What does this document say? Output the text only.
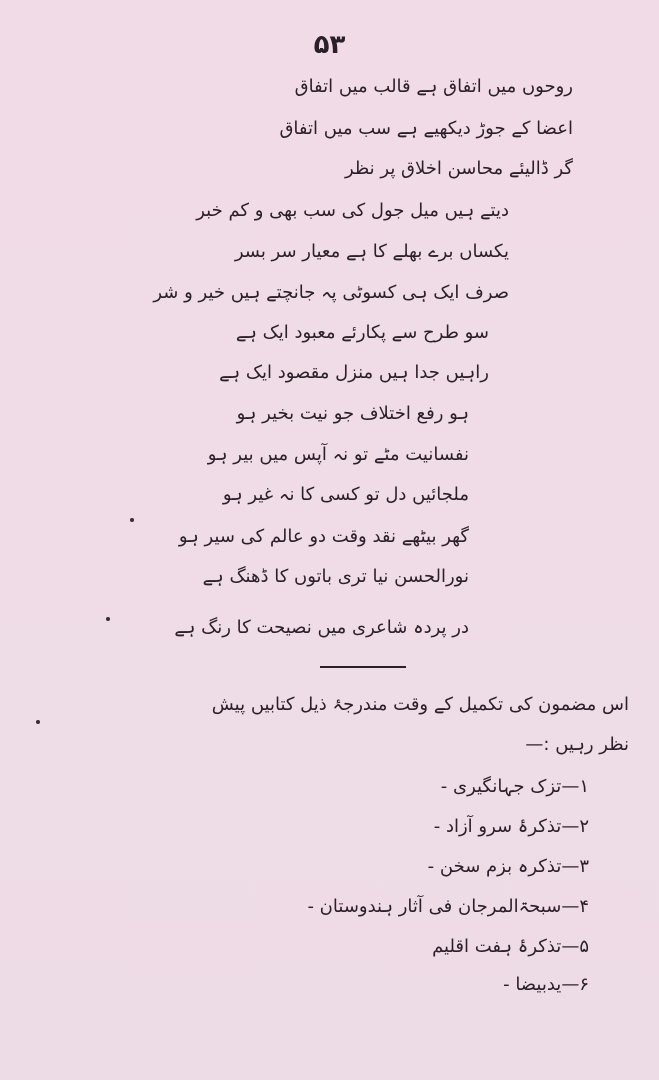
۵۳
روحوں میں اتفاق ہے قالب میں اتفاق
اعضا کے جوڑ دیکھیے ہے سب میں اتفاق
گر ڈالیئے محاسن اخلاق پر نظر
دیتے ہیں میل جول کی سب بھی و کم خبر
یکساں برے بھلے کا ہے معیار سر بسر
صرف ایک ہی کسوٹی پہ جانچتے ہیں خیر و شر
سو طرح سے پکارئے معبود ایک ہے
راہیں جدا ہیں منزل مقصود ایک ہے
ہو رفع اختلاف جو نیت بخیر ہو
نفسانیت مٹے تو نہ آپس میں بیر ہو
ملجائیں دل تو کسی کا نہ غیر ہو
گھر بیٹھے نقد وقت دو عالم کی سیر ہو
نورالحسن نیا تری باتوں کا ڈھنگ ہے
در پردہ شاعری میں نصیحت کا رنگ ہے
اس مضمون کی تکمیل کے وقت مندرجۂ ذیل کتابیں پیش
نظر رہیں :—
۱—تزک جہانگیری -
۲—تذکرۂ سرو آزاد -
۳—تذکرہ بزم سخن -
۴—سبحۃالمرجان فی آثار ہندوستان -
۵—تذکرۂ ہفت اقلیم
۶—یدبیضا -
